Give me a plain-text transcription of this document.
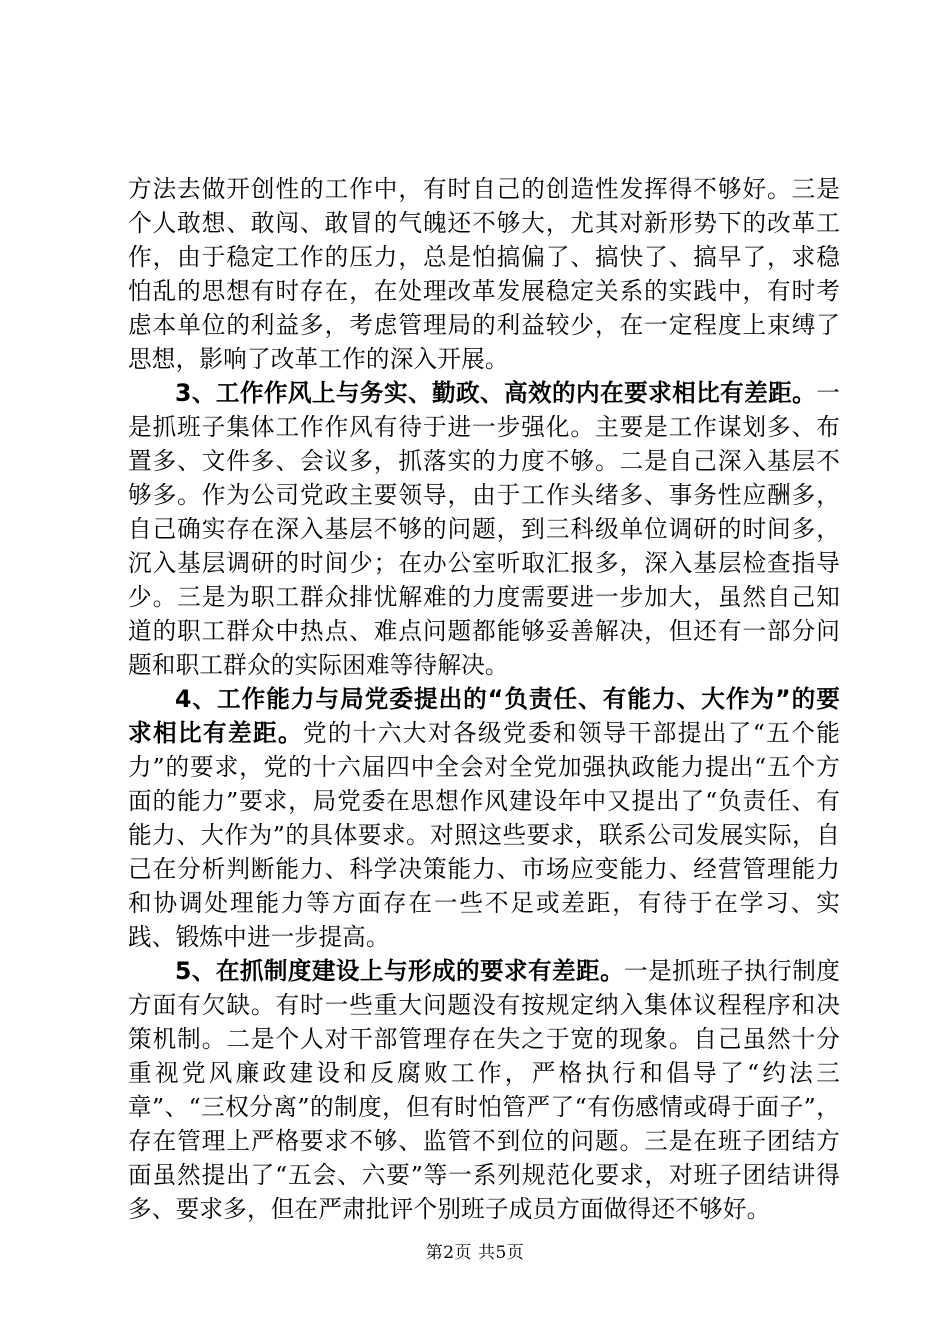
方法去做开创性的工作中，有时自己的创造性发挥得不够好。三是个人敢想、敢闯、敢冒的气魄还不够大，尤其对新形势下的改革工作，由于稳定工作的压力，总是怕搞偏了、搞快了、搞早了，求稳怕乱的思想有时存在，在处理改革发展稳定关系的实践中，有时考虑本单位的利益多，考虑管理局的利益较少，在一定程度上束缚了思想，影响了改革工作的深入开展。

3、工作作风上与务实、勤政、高效的内在要求相比有差距。一是抓班子集体工作作风有待于进一步强化。主要是工作谋划多、布置多、文件多、会议多，抓落实的力度不够。二是自己深入基层不够多。作为公司党政主要领导，由于工作头绪多、事务性应酬多，自己确实存在深入基层不够的问题，到三科级单位调研的时间多，沉入基层调研的时间少；在办公室听取汇报多，深入基层检查指导少。三是为职工群众排忧解难的力度需要进一步加大，虽然自己知道的职工群众中热点、难点问题都能够妥善解决，但还有一部分问题和职工群众的实际困难等待解决。

4、工作能力与局党委提出的“负责任、有能力、大作为”的要求相比有差距。党的十六大对各级党委和领导干部提出了“五个能力”的要求，党的十六届四中全会对全党加强执政能力提出“五个方面的能力”要求，局党委在思想作风建设年中又提出了“负责任、有能力、大作为”的具体要求。对照这些要求，联系公司发展实际，自己在分析判断能力、科学决策能力、市场应变能力、经营管理能力和协调处理能力等方面存在一些不足或差距，有待于在学习、实践、锻炼中进一步提高。

5、在抓制度建设上与形成的要求有差距。一是抓班子执行制度方面有欠缺。有时一些重大问题没有按规定纳入集体议程程序和决策机制。二是个人对干部管理存在失之于宽的现象。自己虽然十分重视党风廉政建设和反腐败工作，严格执行和倡导了“约法三章”、“三权分离”的制度，但有时怕管严了“有伤感情或碍于面子”，存在管理上严格要求不够、监管不到位的问题。三是在班子团结方面虽然提出了“五会、六要”等一系列规范化要求，对班子团结讲得多、要求多，但在严肃批评个别班子成员方面做得还不够好。

第2页 共5页
